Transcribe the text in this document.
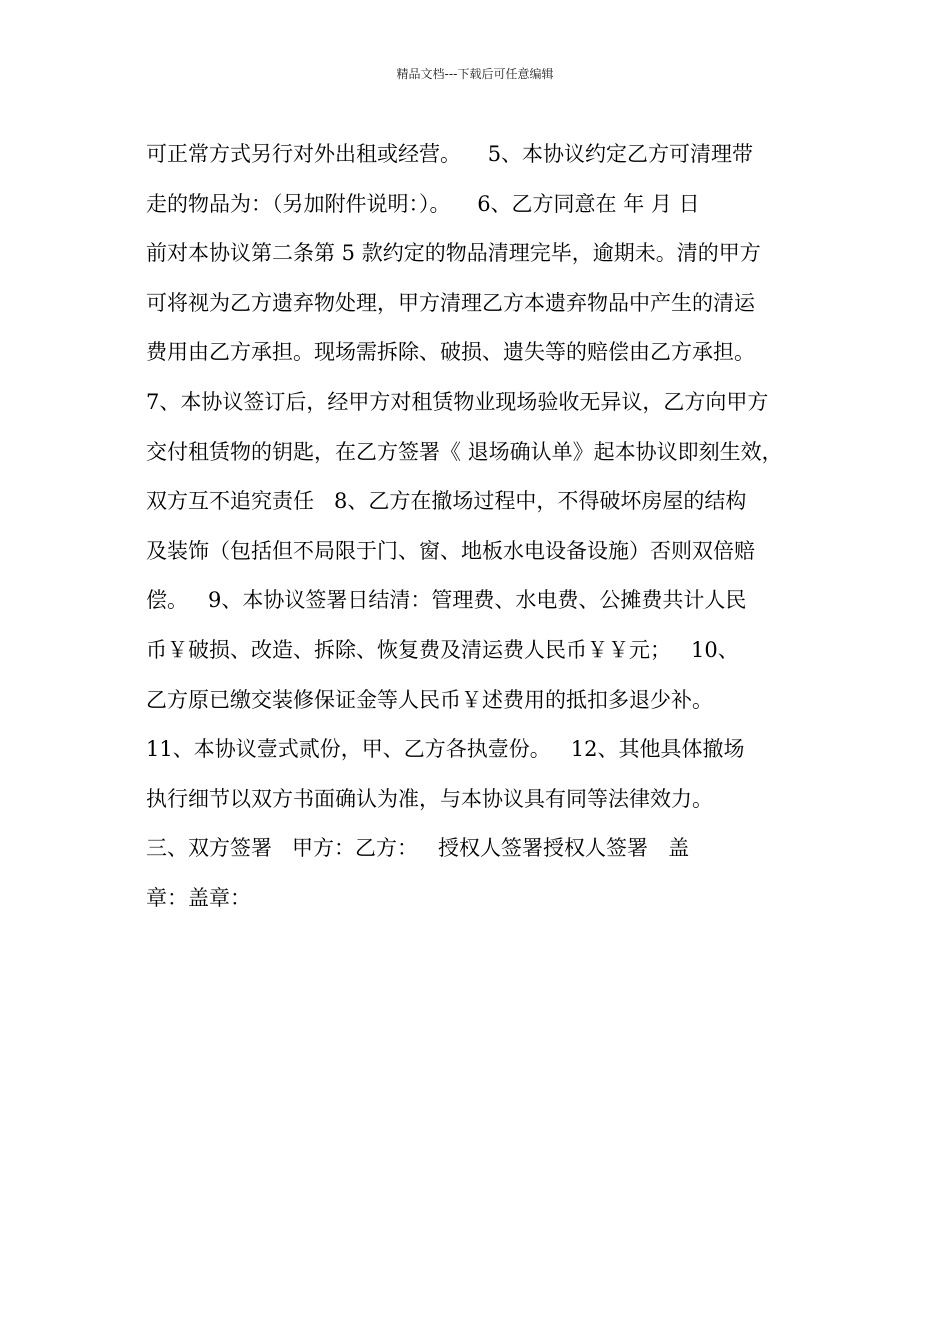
精品文档---下载后可任意编辑
可正常方式另行对外出租或经营。    5、本协议约定乙方可清理带
走的物品为：（另加附件说明：）。    6、乙方同意在 年 月 日
前对本协议第二条第 5 款约定的物品清理完毕，逾期未。清的甲方
可将视为乙方遗弃物处理，甲方清理乙方本遗弃物品中产生的清运
费用由乙方承担。现场需拆除、破损、遗失等的赔偿由乙方承担。
7、本协议签订后，经甲方对租赁物业现场验收无异议，乙方向甲方
交付租赁物的钥匙，在乙方签署《 退场确认单》起本协议即刻生效，
双方互不追究责任   8、乙方在撤场过程中，不得破坏房屋的结构
及装饰（包括但不局限于门、窗、地板水电设备设施）否则双倍赔
偿。   9、本协议签署日结清：管理费、水电费、公摊费共计人民
币￥破损、改造、拆除、恢复费及清运费人民币￥￥元；   10、
乙方原已缴交装修保证金等人民币￥述费用的抵扣多退少补。
11、本协议壹式贰份，甲、乙方各执壹份。   12、其他具体撤场
执行细节以双方书面确认为准，与本协议具有同等法律效力。
三、双方签署   甲方：乙方：   授权人签署授权人签署   盖
章：盖章：
